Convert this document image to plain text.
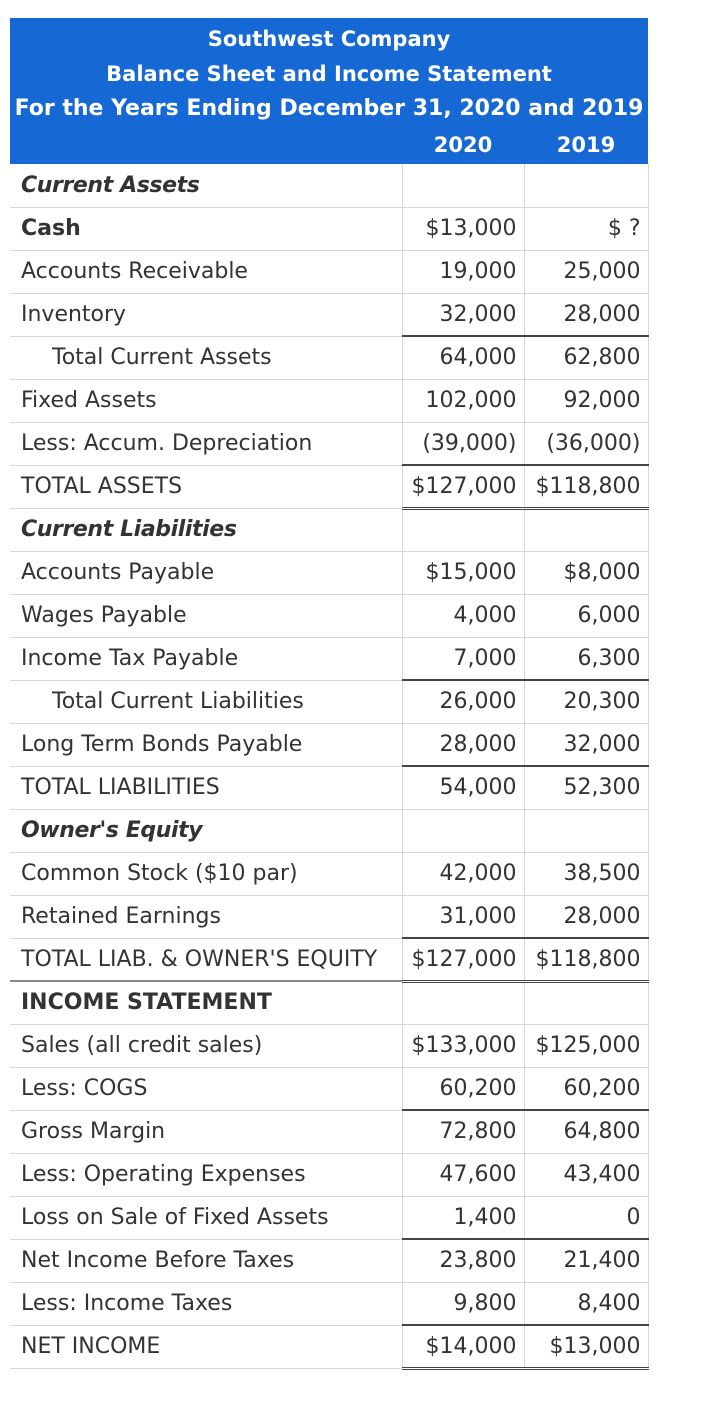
Southwest Company
Balance Sheet and Income Statement
For the Years Ending December 31, 2020 and 2019
2020	2019
Current Assets		
Cash	$13,000	$ ?
Accounts Receivable	19,000	25,000
Inventory	32,000	28,000
Total Current Assets	64,000	62,800
Fixed Assets	102,000	92,000
Less: Accum. Depreciation	(39,000)	(36,000)
TOTAL ASSETS	$127,000	$118,800
Current Liabilities		
Accounts Payable	$15,000	$8,000
Wages Payable	4,000	6,000
Income Tax Payable	7,000	6,300
Total Current Liabilities	26,000	20,300
Long Term Bonds Payable	28,000	32,000
TOTAL LIABILITIES	54,000	52,300
Owner's Equity		
Common Stock ($10 par)	42,000	38,500
Retained Earnings	31,000	28,000
TOTAL LIAB. & OWNER'S EQUITY	$127,000	$118,800
INCOME STATEMENT		
Sales (all credit sales)	$133,000	$125,000
Less: COGS	60,200	60,200
Gross Margin	72,800	64,800
Less: Operating Expenses	47,600	43,400
Loss on Sale of Fixed Assets	1,400	0
Net Income Before Taxes	23,800	21,400
Less: Income Taxes	9,800	8,400
NET INCOME	$14,000	$13,000
